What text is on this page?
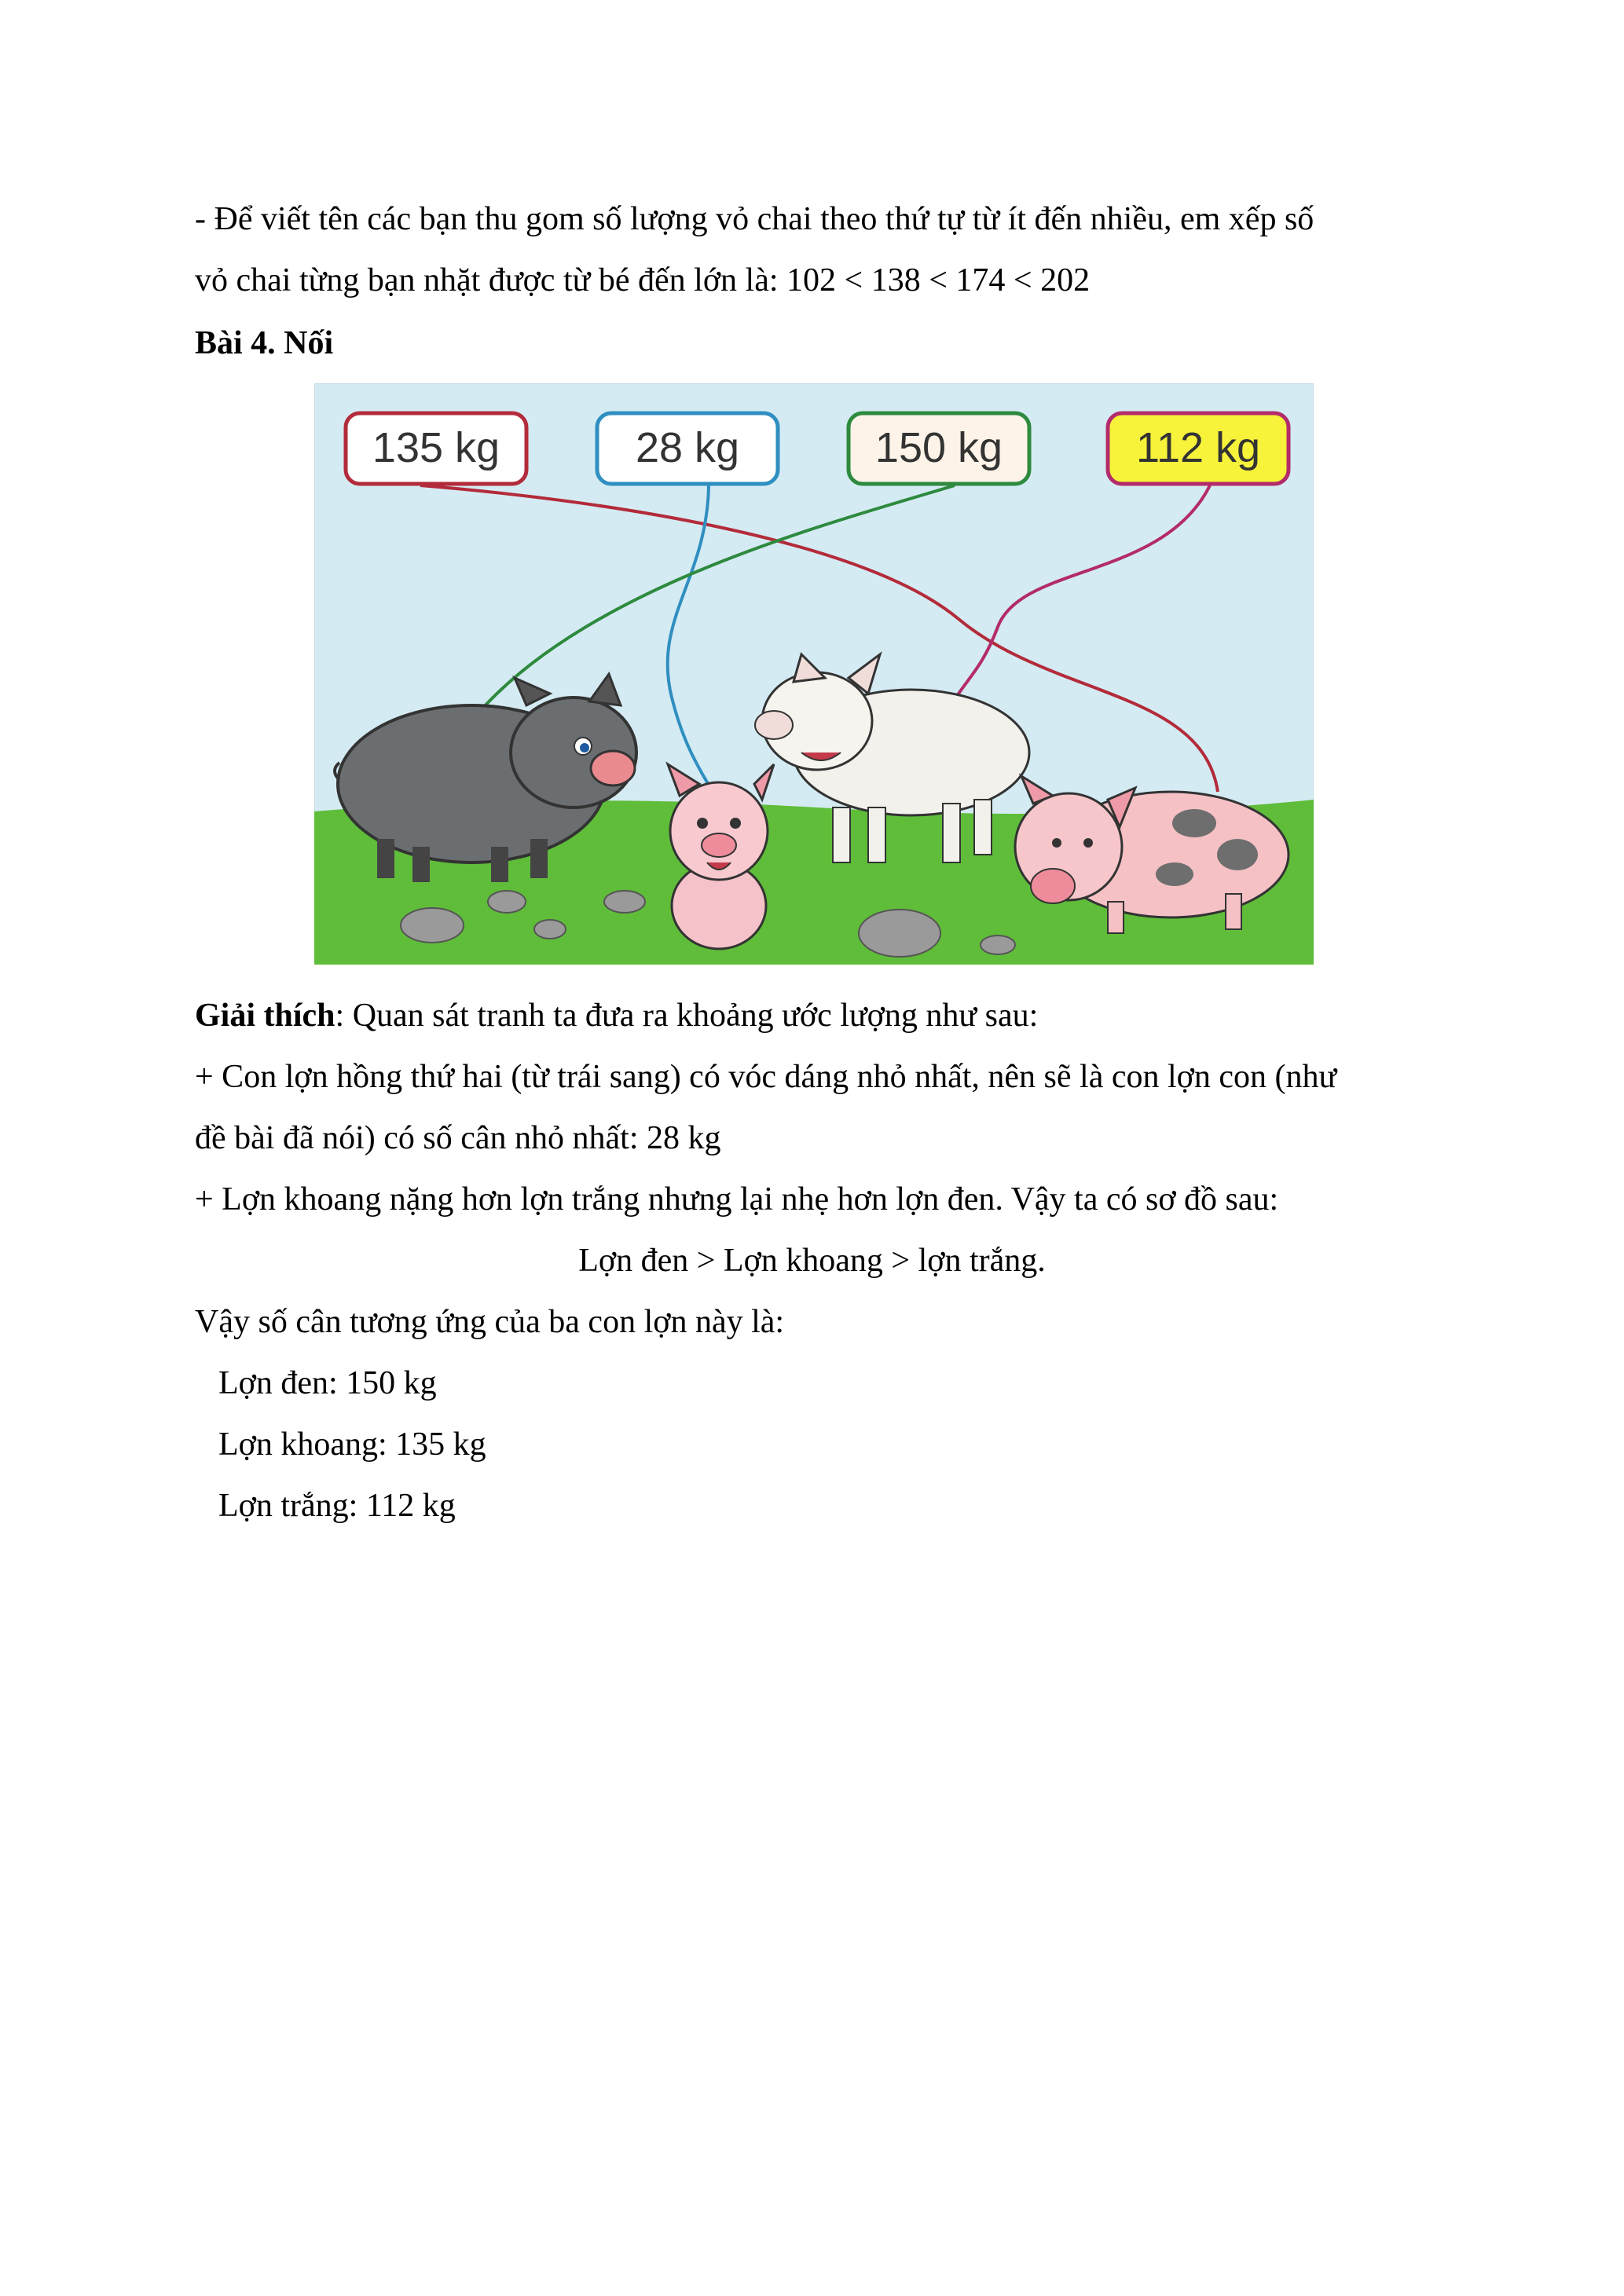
- Để viết tên các bạn thu gom số lượng vỏ chai theo thứ tự từ ít đến nhiều, em xếp số
vỏ chai từng bạn nhặt được từ bé đến lớn là: 102 < 138 < 174 < 202
Bài 4. Nối
135 kg	28 kg	150 kg	112 kg
Giải thích: Quan sát tranh ta đưa ra khoảng ước lượng như sau:
+ Con lợn hồng thứ hai (từ trái sang) có vóc dáng nhỏ nhất, nên sẽ là con lợn con (như
đề bài đã nói) có số cân nhỏ nhất: 28 kg
+ Lợn khoang nặng hơn lợn trắng nhưng lại nhẹ hơn lợn đen. Vậy ta có sơ đồ sau:
Lợn đen > Lợn khoang > lợn trắng.
Vậy số cân tương ứng của ba con lợn này là:
Lợn đen: 150 kg
Lợn khoang: 135 kg
Lợn trắng: 112 kg
